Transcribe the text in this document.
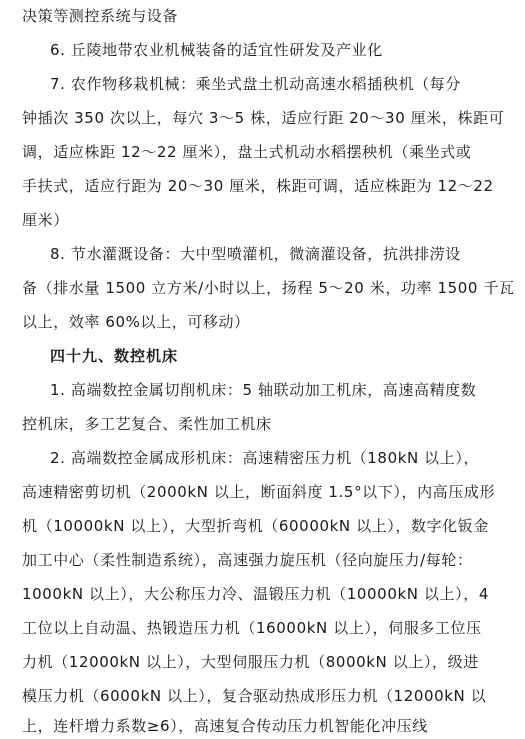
决策等测控系统与设备
6. 丘陵地带农业机械装备的适宜性研发及产业化
7. 农作物移栽机械：乘坐式盘土机动高速水稻插秧机（每分
钟插次 350 次以上，每穴 3～5 株，适应行距 20～30 厘米，株距可
调，适应株距 12～22 厘米），盘土式机动水稻摆秧机（乘坐式或
手扶式，适应行距为 20～30 厘米，株距可调，适应株距为 12～22
厘米）
8. 节水灌溉设备：大中型喷灌机，微滴灌设备，抗洪排涝设
备（排水量 1500 立方米/小时以上，扬程 5～20 米，功率 1500 千瓦
以上，效率 60%以上，可移动）
四十九、数控机床
1. 高端数控金属切削机床：5 轴联动加工机床，高速高精度数
控机床，多工艺复合、柔性加工机床
2. 高端数控金属成形机床：高速精密压力机（180kN 以上），
高速精密剪切机（2000kN 以上，断面斜度 1.5°以下），内高压成形
机（10000kN 以上），大型折弯机（60000kN 以上），数字化钣金
加工中心（柔性制造系统），高速强力旋压机（径向旋压力/每轮：
1000kN 以上），大公称压力冷、温锻压力机（10000kN 以上），4
工位以上自动温、热锻造压力机（16000kN 以上），伺服多工位压
力机（12000kN 以上），大型伺服压力机（8000kN 以上），级进
模压力机（6000kN 以上），复合驱动热成形压力机（12000kN 以
上，连杆增力系数≥6），高速复合传动压力机智能化冲压线
